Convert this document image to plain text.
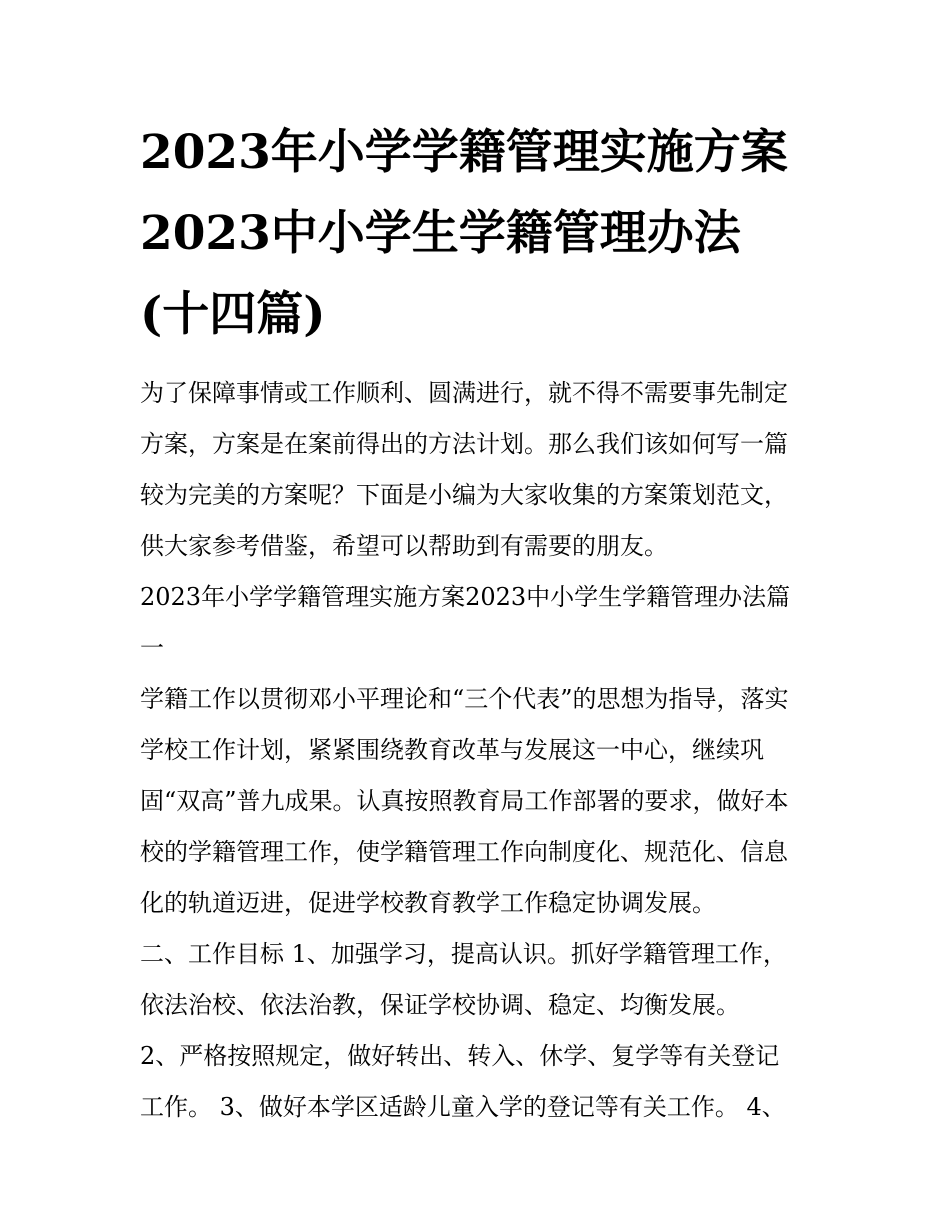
2023年小学学籍管理实施方案
2023中小学生学籍管理办法
(十四篇)

为了保障事情或工作顺利、圆满进行，就不得不需要事先制定
方案，方案是在案前得出的方法计划。那么我们该如何写一篇
较为完美的方案呢？下面是小编为大家收集的方案策划范文，
供大家参考借鉴，希望可以帮助到有需要的朋友。

2023年小学学籍管理实施方案2023中小学生学籍管理办法篇
一

学籍工作以贯彻邓小平理论和“三个代表”的思想为指导，落实
学校工作计划，紧紧围绕教育改革与发展这一中心，继续巩
固“双高”普九成果。认真按照教育局工作部署的要求，做好本
校的学籍管理工作，使学籍管理工作向制度化、规范化、信息
化的轨道迈进，促进学校教育教学工作稳定协调发展。

二、工作目标 1、加强学习，提高认识。抓好学籍管理工作，
依法治校、依法治教，保证学校协调、稳定、均衡发展。

2、严格按照规定，做好转出、转入、休学、复学等有关登记
工作。 3、做好本学区适龄儿童入学的登记等有关工作。 4、
